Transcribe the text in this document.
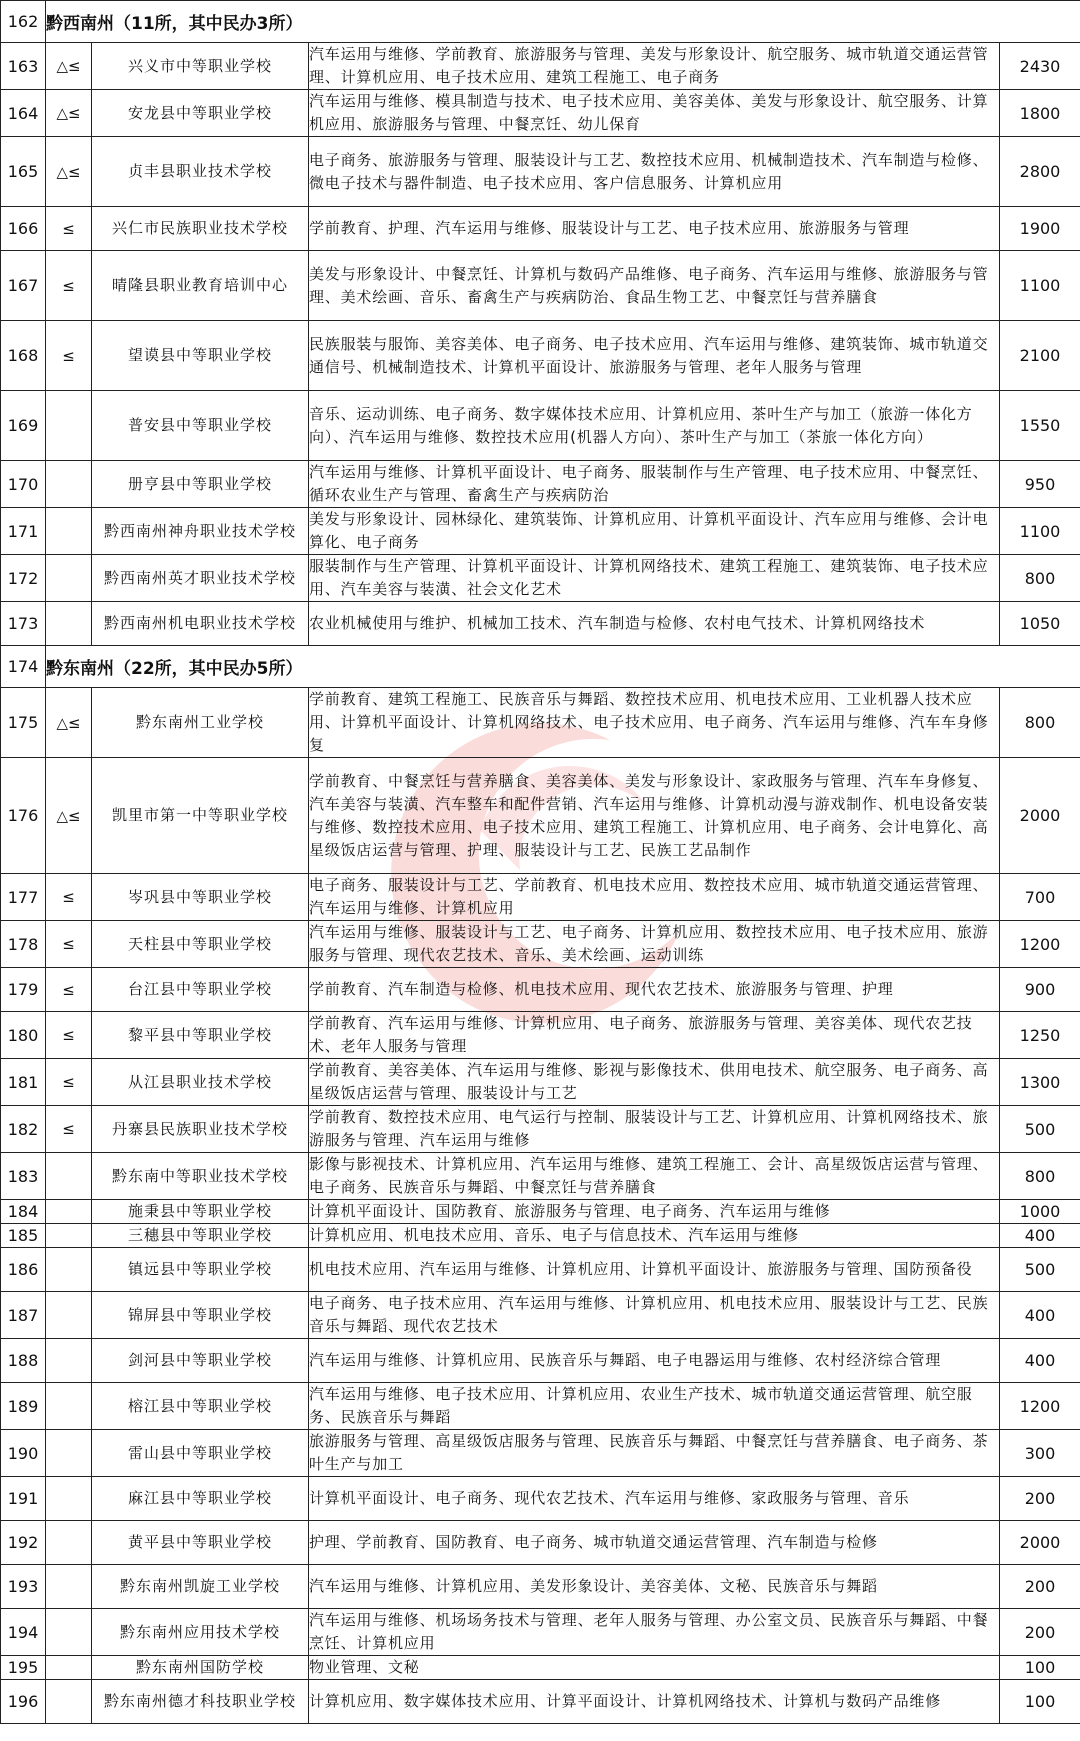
162	黔西南州（11所，其中民办3所）			
163	△≤	兴义市中等职业学校	汽车运用与维修、学前教育、旅游服务与管理、美发与形象设计、航空服务、城市轨道交通运营管理、计算机应用、电子技术应用、建筑工程施工、电子商务	2430
164	△≤	安龙县中等职业学校	汽车运用与维修、模具制造与技术、电子技术应用、美容美体、美发与形象设计、航空服务、计算机应用、旅游服务与管理、中餐烹饪、幼儿保育	1800
165	△≤	贞丰县职业技术学校	电子商务、旅游服务与管理、服装设计与工艺、数控技术应用、机械制造技术、汽车制造与检修、微电子技术与器件制造、电子技术应用、客户信息服务、计算机应用	2800
166	≤	兴仁市民族职业技术学校	学前教育、护理、汽车运用与维修、服装设计与工艺、电子技术应用、旅游服务与管理	1900
167	≤	晴隆县职业教育培训中心	美发与形象设计、中餐烹饪、计算机与数码产品维修、电子商务、汽车运用与维修、旅游服务与管理、美术绘画、音乐、畜禽生产与疾病防治、食品生物工艺、中餐烹饪与营养膳食	1100
168	≤	望谟县中等职业学校	民族服装与服饰、美容美体、电子商务、电子技术应用、汽车运用与维修、建筑装饰、城市轨道交通信号、机械制造技术、计算机平面设计、旅游服务与管理、老年人服务与管理	2100
169		普安县中等职业学校	音乐、运动训练、电子商务、数字媒体技术应用、计算机应用、茶叶生产与加工（旅游一体化方向）、汽车运用与维修、数控技术应用(机器人方向）、茶叶生产与加工（茶旅一体化方向）	1550
170		册亨县中等职业学校	汽车运用与维修、计算机平面设计、电子商务、服装制作与生产管理、电子技术应用、中餐烹饪、循环农业生产与管理、畜禽生产与疾病防治	950
171		黔西南州神舟职业技术学校	美发与形象设计、园林绿化、建筑装饰、计算机应用、计算机平面设计、汽车应用与维修、会计电算化、电子商务	1100
172		黔西南州英才职业技术学校	服装制作与生产管理、计算机平面设计、计算机网络技术、建筑工程施工、建筑装饰、电子技术应用、汽车美容与装潢、社会文化艺术	800
173		黔西南州机电职业技术学校	农业机械使用与维护、机械加工技术、汽车制造与检修、农村电气技术、计算机网络技术	1050
174	黔东南州（22所，其中民办5所）			
175	△≤	黔东南州工业学校	学前教育、建筑工程施工、民族音乐与舞蹈、数控技术应用、机电技术应用、工业机器人技术应用、计算机平面设计、计算机网络技术、电子技术应用、电子商务、汽车运用与维修、汽车车身修复	800
176	△≤	凯里市第一中等职业学校	学前教育、中餐烹饪与营养膳食、美容美体、美发与形象设计、家政服务与管理、汽车车身修复、汽车美容与装潢、汽车整车和配件营销、汽车运用与维修、计算机动漫与游戏制作、机电设备安装与维修、数控技术应用、电子技术应用、建筑工程施工、计算机应用、电子商务、会计电算化、高星级饭店运营与管理、护理、服装设计与工艺、民族工艺品制作	2000
177	≤	岑巩县中等职业学校	电子商务、服装设计与工艺、学前教育、机电技术应用、数控技术应用、城市轨道交通运营管理、汽车运用与维修、计算机应用	700
178	≤	天柱县中等职业学校	汽车运用与维修、服装设计与工艺、电子商务、计算机应用、数控技术应用、电子技术应用、旅游服务与管理、现代农艺技术、音乐、美术绘画、运动训练	1200
179	≤	台江县中等职业学校	学前教育、汽车制造与检修、机电技术应用、现代农艺技术、旅游服务与管理、护理	900
180	≤	黎平县中等职业学校	学前教育、汽车运用与维修、计算机应用、电子商务、旅游服务与管理、美容美体、现代农艺技术、老年人服务与管理	1250
181	≤	从江县职业技术学校	学前教育、美容美体、汽车运用与维修、影视与影像技术、供用电技术、航空服务、电子商务、高星级饭店运营与管理、服装设计与工艺	1300
182	≤	丹寨县民族职业技术学校	学前教育、数控技术应用、电气运行与控制、服装设计与工艺、计算机应用、计算机网络技术、旅游服务与管理、汽车运用与维修	500
183		黔东南中等职业技术学校	影像与影视技术、计算机应用、汽车运用与维修、建筑工程施工、会计、高星级饭店运营与管理、电子商务、民族音乐与舞蹈、中餐烹饪与营养膳食	800
184		施秉县中等职业学校	计算机平面设计、国防教育、旅游服务与管理、电子商务、汽车运用与维修	1000
185		三穗县中等职业学校	计算机应用、机电技术应用、音乐、电子与信息技术、汽车运用与维修	400
186		镇远县中等职业学校	机电技术应用、汽车运用与维修、计算机应用、计算机平面设计、旅游服务与管理、国防预备役	500
187		锦屏县中等职业学校	电子商务、电子技术应用、汽车运用与维修、计算机应用、机电技术应用、服装设计与工艺、民族音乐与舞蹈、现代农艺技术	400
188		剑河县中等职业学校	汽车运用与维修、计算机应用、民族音乐与舞蹈、电子电器运用与维修、农村经济综合管理	400
189		榕江县中等职业学校	汽车运用与维修、电子技术应用、计算机应用、农业生产技术、城市轨道交通运营管理、航空服务、民族音乐与舞蹈	1200
190		雷山县中等职业学校	旅游服务与管理、高星级饭店服务与管理、民族音乐与舞蹈、中餐烹饪与营养膳食、电子商务、茶叶生产与加工	300
191		麻江县中等职业学校	计算机平面设计、电子商务、现代农艺技术、汽车运用与维修、家政服务与管理、音乐	200
192		黄平县中等职业学校	护理、学前教育、国防教育、电子商务、城市轨道交通运营管理、汽车制造与检修	2000
193		黔东南州凯旋工业学校	汽车运用与维修、计算机应用、美发形象设计、美容美体、文秘、民族音乐与舞蹈	200
194		黔东南州应用技术学校	汽车运用与维修、机场场务技术与管理、老年人服务与管理、办公室文员、民族音乐与舞蹈、中餐烹饪、计算机应用	200
195		黔东南州国防学校	物业管理、文秘	100
196		黔东南州德才科技职业学校	计算机应用、数字媒体技术应用、计算平面设计、计算机网络技术、计算机与数码产品维修	100
